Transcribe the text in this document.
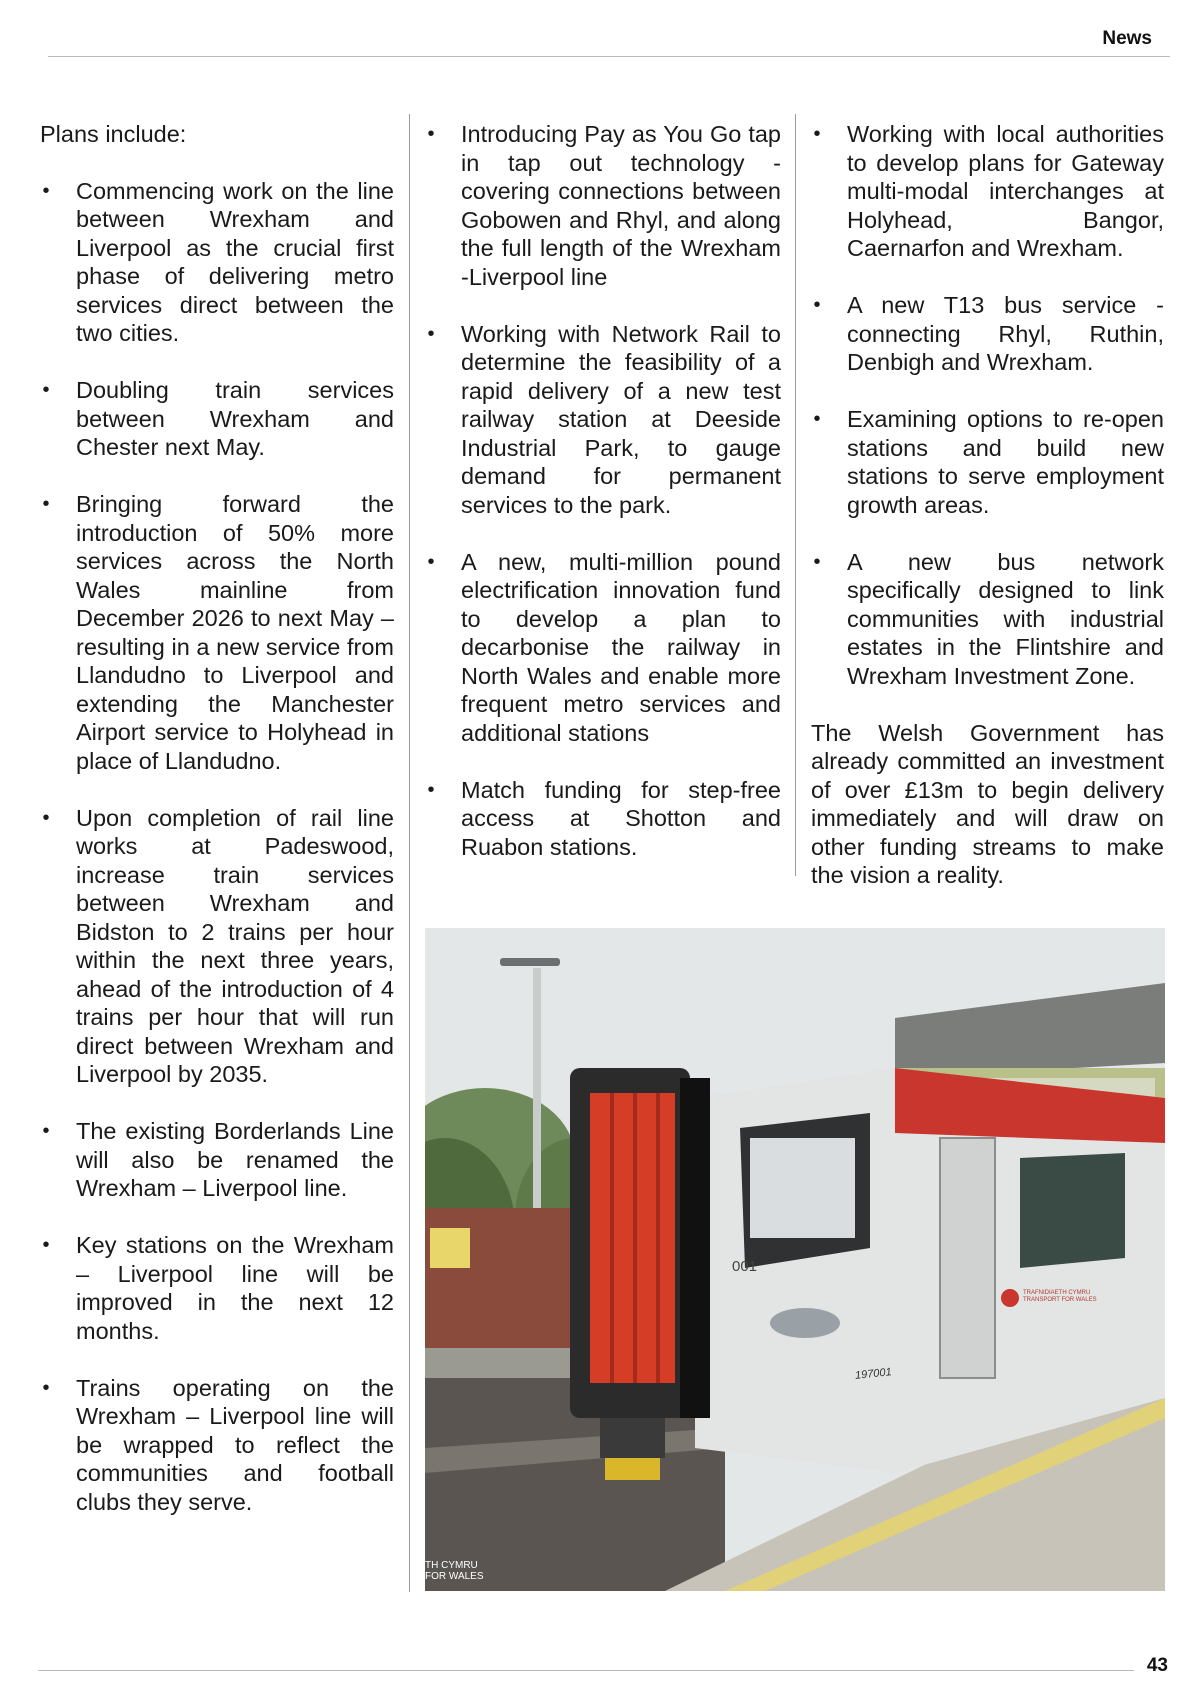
News

Plans include:

• Commencing work on the line between Wrexham and Liverpool as the crucial first phase of delivering metro services direct between the two cities.
• Doubling train services between Wrexham and Chester next May.
• Bringing forward the introduction of 50% more services across the North Wales mainline from December 2026 to next May – resulting in a new service from Llandudno to Liverpool and extending the Manchester Airport service to Holyhead in place of Llandudno.
• Upon completion of rail line works at Padeswood, increase train services between Wrexham and Bidston to 2 trains per hour within the next three years, ahead of the introduction of 4 trains per hour that will run direct between Wrexham and Liverpool by 2035.
• The existing Borderlands Line will also be renamed the Wrexham – Liverpool line.
• Key stations on the Wrexham – Liverpool line will be improved in the next 12 months.
• Trains operating on the Wrexham – Liverpool line will be wrapped to reflect the communities and football clubs they serve.
• Introducing Pay as You Go tap in tap out technology - covering connections between Gobowen and Rhyl, and along the full length of the Wrexham -Liverpool line
• Working with Network Rail to determine the feasibility of a rapid delivery of a new test railway station at Deeside Industrial Park, to gauge demand for permanent services to the park.
• A new, multi-million pound electrification innovation fund to develop a plan to decarbonise the railway in North Wales and enable more frequent metro services and additional stations
• Match funding for step-free access at Shotton and Ruabon stations.
• Working with local authorities to develop plans for Gateway multi-modal interchanges at Holyhead, Bangor, Caernarfon and Wrexham.
• A new T13 bus service - connecting Rhyl, Ruthin, Denbigh and Wrexham.
• Examining options to re-open stations and build new stations to serve employment growth areas.
• A new bus network specifically designed to link communities with industrial estates in the Flintshire and Wrexham Investment Zone.

The Welsh Government has already committed an investment of over £13m to begin delivery immediately and will draw on other funding streams to make the vision a reality.

001
197001
TRAFNIDIAETH CYMRU
TRANSPORT FOR WALES
TH CYMRU
FOR WALES
43
